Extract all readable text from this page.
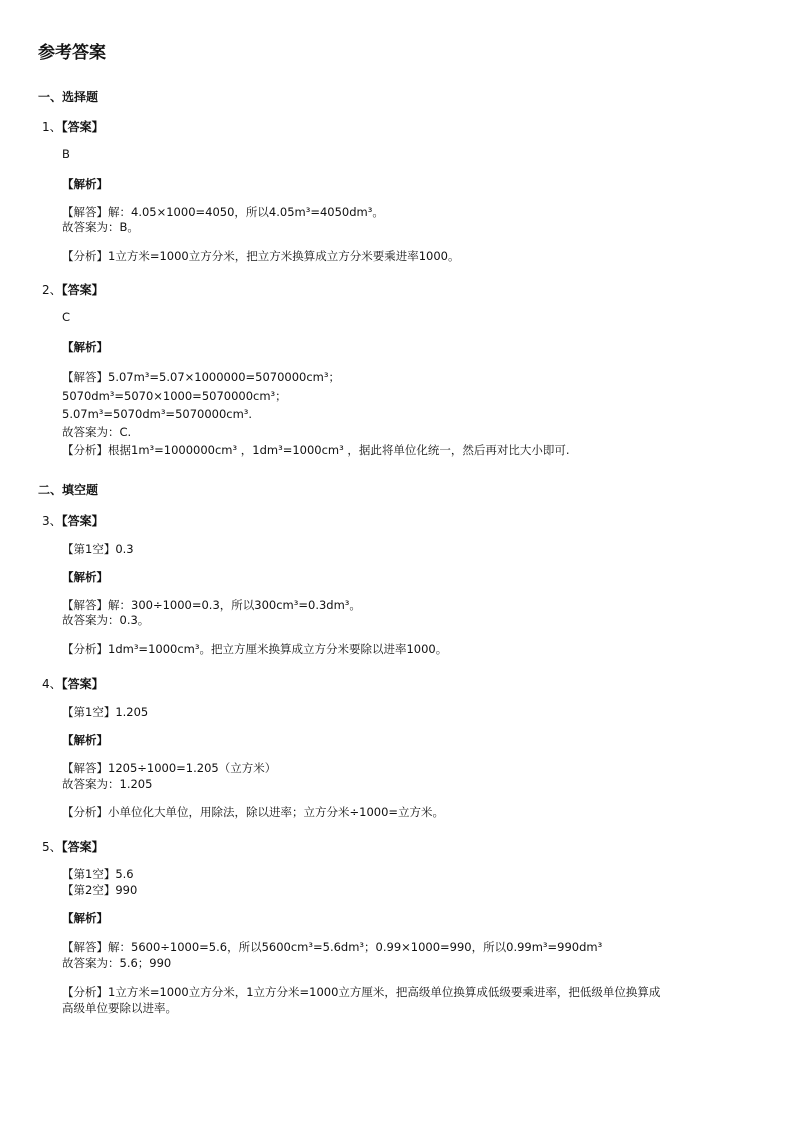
参考答案
一、选择题
1、【答案】
B
【解析】
【解答】解：4.05×1000=4050，所以4.05m³=4050dm³。
故答案为：B。
【分析】1立方米=1000立方分米，把立方米换算成立方分米要乘进率1000。
2、【答案】
C
【解析】
【解答】5.07m³=5.07×1000000=5070000cm³；
5070dm³=5070×1000=5070000cm³；
5.07m³=5070dm³=5070000cm³.
故答案为：C.
【分析】根据1m³=1000000cm³ ，1dm³=1000cm³ ，据此将单位化统一，然后再对比大小即可.
二、填空题
3、【答案】
【第1空】0.3
【解析】
【解答】解：300÷1000=0.3，所以300cm³=0.3dm³。
故答案为：0.3。
【分析】1dm³=1000cm³。把立方厘米换算成立方分米要除以进率1000。
4、【答案】
【第1空】1.205
【解析】
【解答】1205÷1000=1.205（立方米）
故答案为：1.205
【分析】小单位化大单位，用除法，除以进率；立方分米÷1000=立方米。
5、【答案】
【第1空】5.6
【第2空】990
【解析】
【解答】解：5600÷1000=5.6，所以5600cm³=5.6dm³；0.99×1000=990，所以0.99m³=990dm³
故答案为：5.6；990
【分析】1立方米=1000立方分米，1立方分米=1000立方厘米，把高级单位换算成低级要乘进率，把低级单位换算成
高级单位要除以进率。
